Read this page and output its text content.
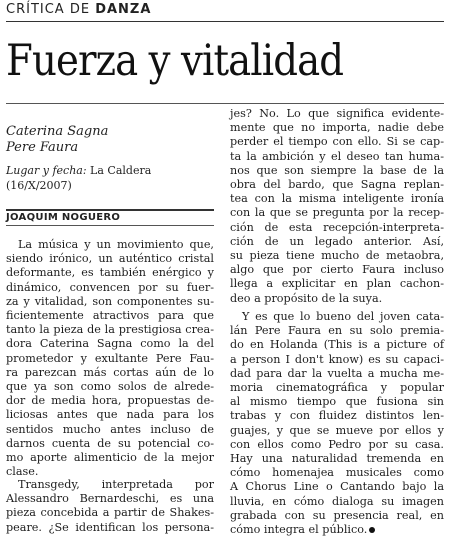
CRÍTICA DE DANZA
Fuerza y vitalidad
Caterina Sagna
Pere Faura
Lugar y fecha: La Caldera
(16/X/2007)
JOAQUIM NOGUERO
La música y un movimiento que,
siendo irónico, un auténtico cristal
deformante, es también enérgico y
dinámico, convencen por su fuer-
za y vitalidad, son componentes su-
ficientemente atractivos para que
tanto la pieza de la prestigiosa crea-
dora Caterina Sagna como la del
prometedor y exultante Pere Fau-
ra parezcan más cortas aún de lo
que ya son como solos de alrede-
dor de media hora, propuestas de-
liciosas antes que nada para los
sentidos mucho antes incluso de
darnos cuenta de su potencial co-
mo aporte alimenticio de la mejor
clase.
Transgedy, interpretada por
Alessandro Bernardeschi, es una
pieza concebida a partir de Shakes-
peare. ¿Se identifican los persona-
jes? No. Lo que significa evidente-
mente que no importa, nadie debe
perder el tiempo con ello. Si se cap-
ta la ambición y el deseo tan huma-
nos que son siempre la base de la
obra del bardo, que Sagna replan-
tea con la misma inteligente ironía
con la que se pregunta por la recep-
ción de esta recepción-interpreta-
ción de un legado anterior. Así,
su pieza tiene mucho de metaobra,
algo que por cierto Faura incluso
llega a explicitar en plan cachon-
deo a propósito de la suya.
Y es que lo bueno del joven cata-
lán Pere Faura en su solo premia-
do en Holanda (This is a picture of
a person I don't know) es su capaci-
dad para dar la vuelta a mucha me-
moria cinematográfica y popular
al mismo tiempo que fusiona sin
trabas y con fluidez distintos len-
guajes, y que se mueve por ellos y
con ellos como Pedro por su casa.
Hay una naturalidad tremenda en
cómo homenajea musicales como
A Chorus Line o Cantando bajo la
lluvia, en cómo dialoga su imagen
grabada con su presencia real, en
cómo integra el público.
